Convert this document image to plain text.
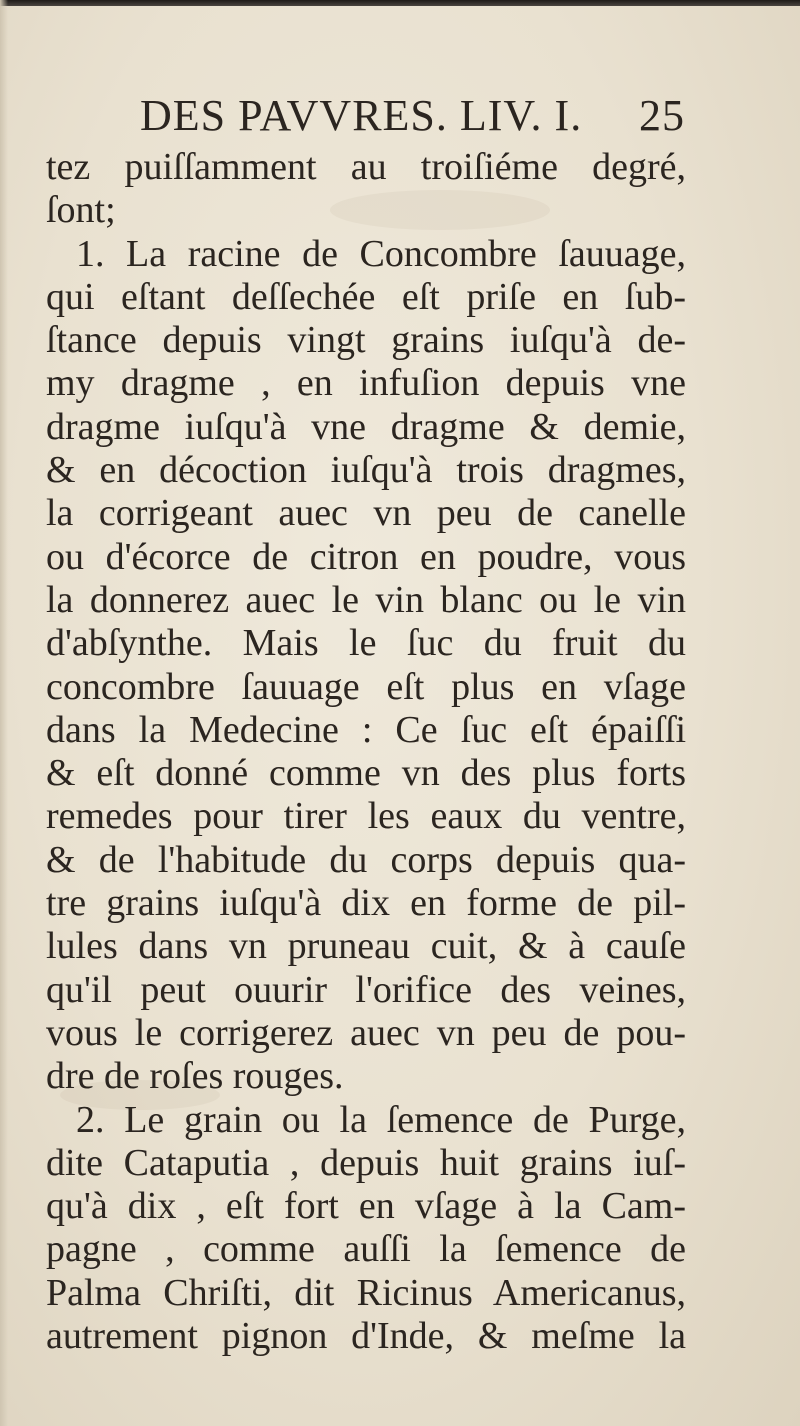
DES PAVVRES. LIV. I. 25
tez puiſſamment au troiſiéme degré,
ſont;
1. La racine de Concombre ſauuage,
qui eſtant deſſechée eſt priſe en ſub-
ſtance depuis vingt grains iuſqu'à de-
my dragme , en infuſion depuis vne
dragme iuſqu'à vne dragme & demie,
& en décoction iuſqu'à trois dragmes,
la corrigeant auec vn peu de canelle
ou d'écorce de citron en poudre, vous
la donnerez auec le vin blanc ou le vin
d'abſynthe. Mais le ſuc du fruit du
concombre ſauuage eſt plus en vſage
dans la Medecine : Ce ſuc eſt épaiſſi
& eſt donné comme vn des plus forts
remedes pour tirer les eaux du ventre,
& de l'habitude du corps depuis qua-
tre grains iuſqu'à dix en forme de pil-
lules dans vn pruneau cuit, & à cauſe
qu'il peut ouurir l'orifice des veines,
vous le corrigerez auec vn peu de pou-
dre de roſes rouges.
2. Le grain ou la ſemence de Purge,
dite Cataputia , depuis huit grains iuſ-
qu'à dix , eſt fort en vſage à la Cam-
pagne , comme auſſi la ſemence de
Palma Chriſti, dit Ricinus Americanus,
autrement pignon d'Inde, & meſme la
